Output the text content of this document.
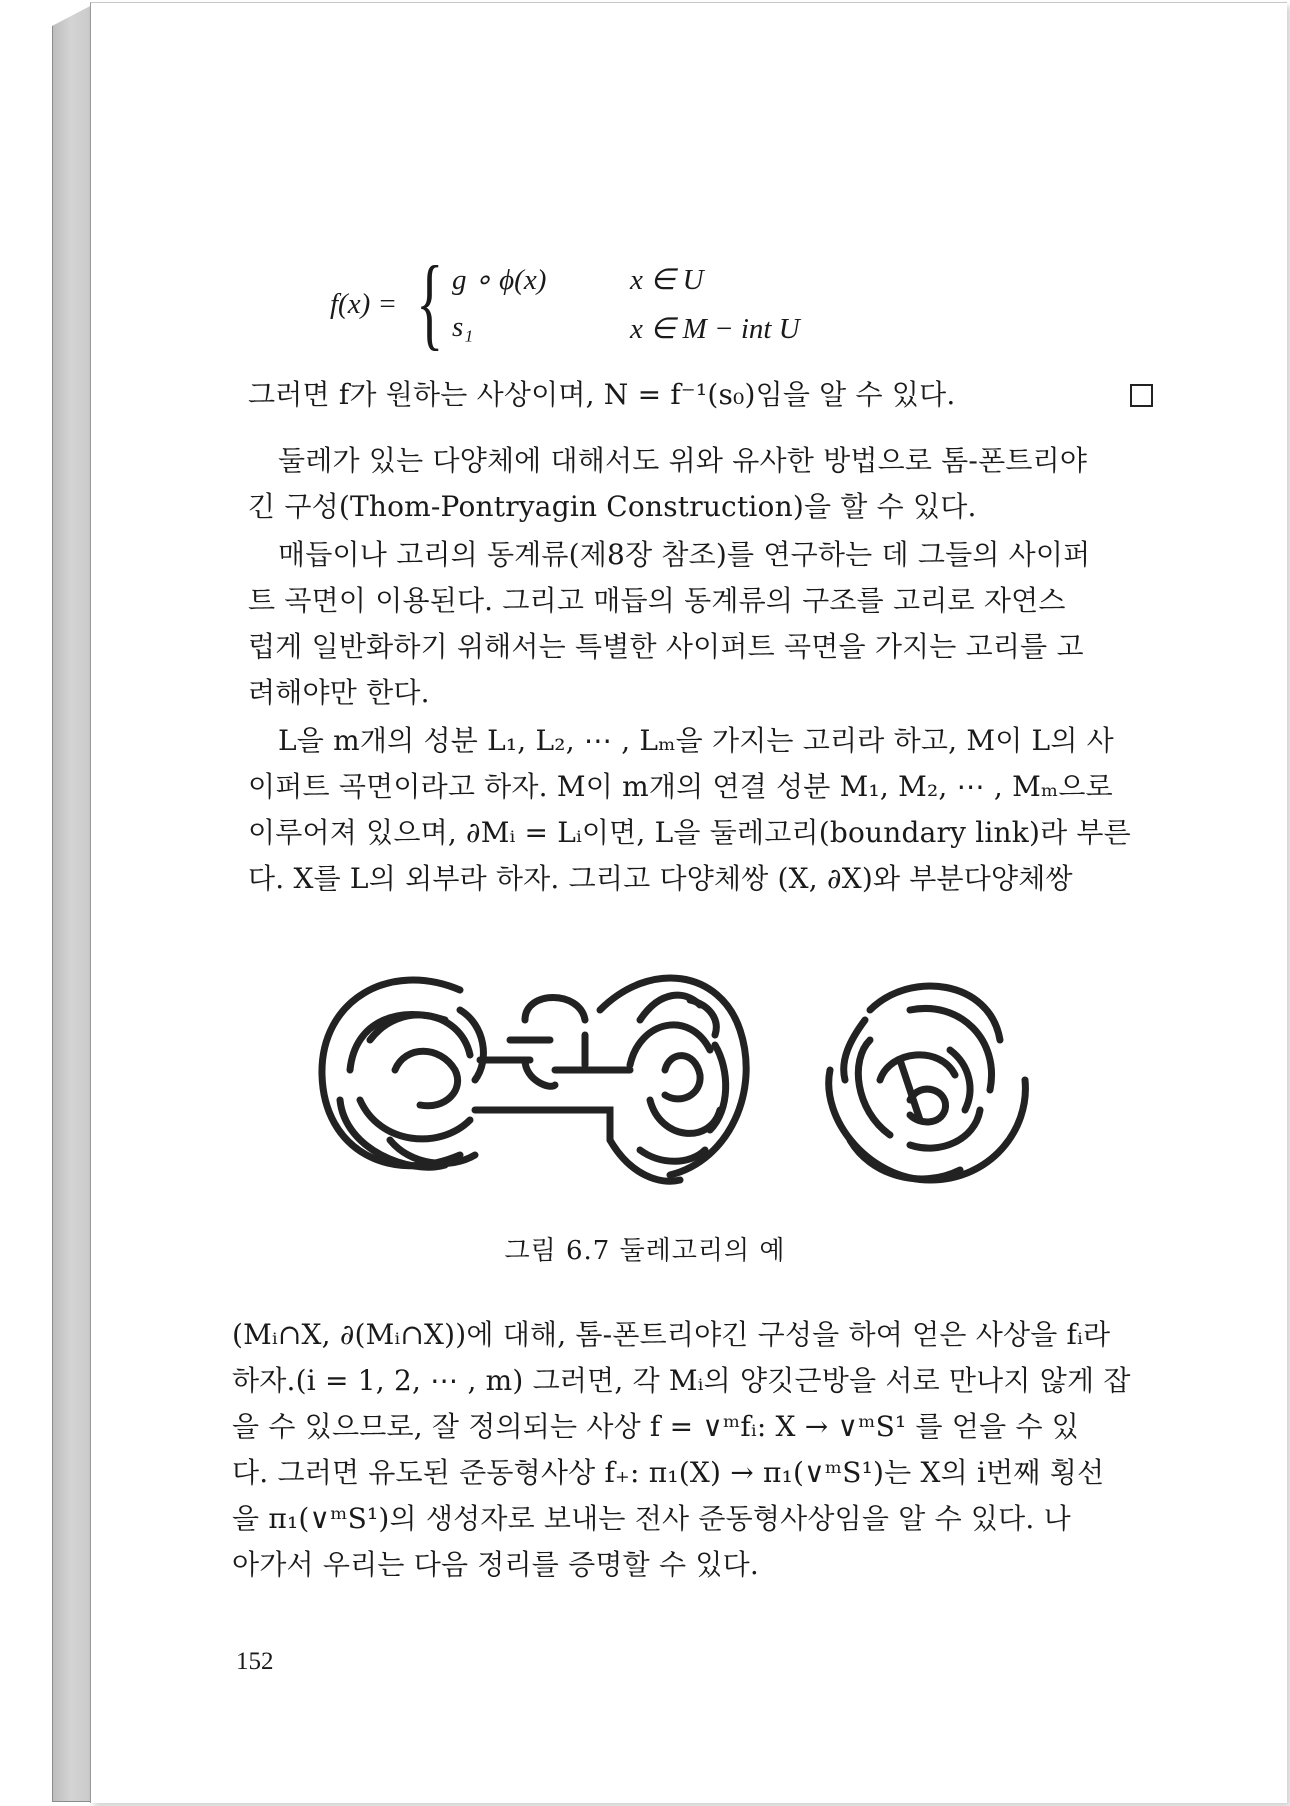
f(x) = { g ∘ ϕ(x)	x ∈ U
s₁	x ∈ M − int U
그러면 f가 원하는 사상이며, N = f⁻¹(s₀)임을 알 수 있다.
둘레가 있는 다양체에 대해서도 위와 유사한 방법으로 톰-폰트리야
긴 구성(Thom-Pontryagin Construction)을 할 수 있다.
매듭이나 고리의 동계류(제8장 참조)를 연구하는 데 그들의 사이퍼
트 곡면이 이용된다. 그리고 매듭의 동계류의 구조를 고리로 자연스
럽게 일반화하기 위해서는 특별한 사이퍼트 곡면을 가지는 고리를 고
려해야만 한다.
L을 m개의 성분 L₁, L₂, ⋯ , Lₘ을 가지는 고리라 하고, M이 L의 사
이퍼트 곡면이라고 하자. M이 m개의 연결 성분 M₁, M₂, ⋯ , Mₘ으로
이루어져 있으며, ∂Mᵢ = Lᵢ이면, L을 둘레고리(boundary link)라 부른
다. X를 L의 외부라 하자. 그리고 다양체쌍 (X, ∂X)와 부분다양체쌍
그림 6.7 둘레고리의 예
(Mᵢ∩X, ∂(Mᵢ∩X))에 대해, 톰-폰트리야긴 구성을 하여 얻은 사상을 fᵢ라
하자.(i = 1, 2, ⋯ , m) 그러면, 각 Mᵢ의 양깃근방을 서로 만나지 않게 잡
을 수 있으므로, 잘 정의되는 사상 f = ∨ᵐfᵢ: X → ∨ᵐS¹ 를 얻을 수 있
다. 그러면 유도된 준동형사상 f₊: π₁(X) → π₁(∨ᵐS¹)는 X의 i번째 횡선
을 π₁(∨ᵐS¹)의 생성자로 보내는 전사 준동형사상임을 알 수 있다. 나
아가서 우리는 다음 정리를 증명할 수 있다.
152
